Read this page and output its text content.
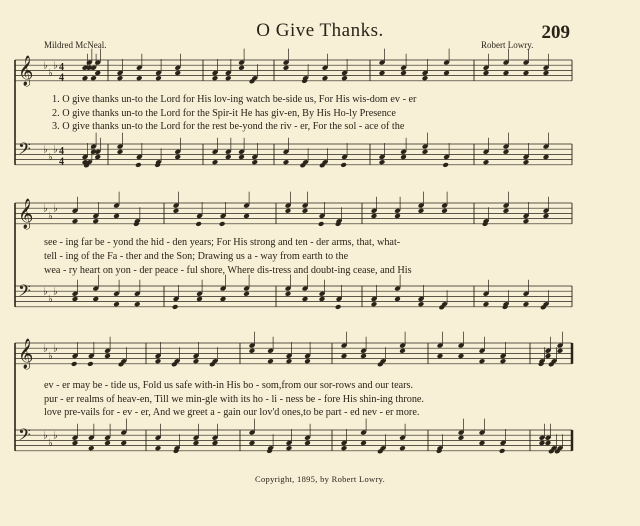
O Give Thanks.	209
Mildred McNeal.	Robert Lowry.
𝄞 ♭
♭
♭ 4
4
𝄢 ♭
♭
♭ 4
4
𝄞 ♭
♭
♭
𝄢 ♭
♭
♭
𝄞 ♭
♭
♭
𝄢 ♭
♭
♭
1. O give thanks un-to the Lord for His lov-ing watch be-side us, For His wis-dom ev - er
2. O give thanks un-to the Lord for the Spir-it He has giv-en, By His Ho-ly Presence
3. O give thanks un-to the Lord for the rest be-yond the riv - er, For the sol - ace of the
see - ing far be - yond the hid - den years; For His strong and ten - der arms, that, what-
tell - ing of the Fa - ther and the Son; Drawing us a - way from earth to the
wea - ry heart on yon - der peace - ful shore, Where dis-tress and doubt-ing cease, and His
ev - er may be - tide us, Fold us safe with-in His bo - som,from our sor-rows and our tears.
pur - er realms of heav-en, Till we min-gle with its ho - li - ness be - fore His shin-ing throne.
love pre-vails for - ev - er, And we greet a - gain our lov'd ones,to be part - ed nev - er more.
Copyright, 1895, by Robert Lowry.
